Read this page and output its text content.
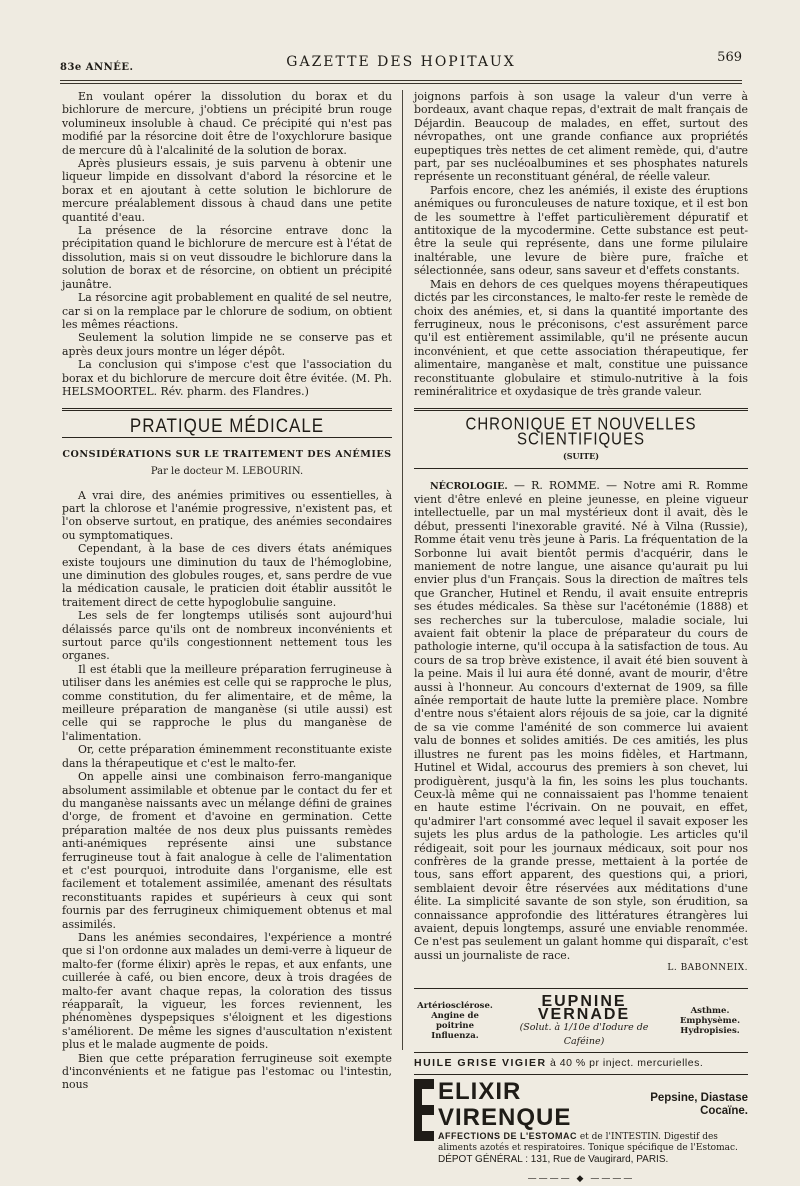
83e ANNÉE.	GAZETTE DES HOPITAUX	569

En voulant opérer la dissolution du borax et du bichlorure de mercure, j'obtiens un précipité brun rouge volumineux insoluble à chaud. Ce précipité qui n'est pas modifié par la résorcine doit être de l'oxychlorure basique de mercure dû à l'alcalinité de la solution de borax.

Après plusieurs essais, je suis parvenu à obtenir une liqueur limpide en dissolvant d'abord la résorcine et le borax et en ajoutant à cette solution le bichlorure de mercure préalablement dissous à chaud dans une petite quantité d'eau.

La présence de la résorcine entrave donc la précipitation quand le bichlorure de mercure est à l'état de dissolution, mais si on veut dissoudre le bichlorure dans la solution de borax et de résorcine, on obtient un précipité jaunâtre.

La résorcine agit probablement en qualité de sel neutre, car si on la remplace par le chlorure de sodium, on obtient les mêmes réactions.

Seulement la solution limpide ne se conserve pas et après deux jours montre un léger dépôt.

La conclusion qui s'impose c'est que l'association du borax et du bichlorure de mercure doit être évitée. (M. Ph. HELSMOORTEL. Rév. pharm. des Flandres.)

PRATIQUE MÉDICALE
CONSIDÉRATIONS SUR LE TRAITEMENT DES ANÉMIES
Par le docteur M. LEBOURIN.

A vrai dire, des anémies primitives ou essentielles, à part la chlorose et l'anémie progressive, n'existent pas, et l'on observe surtout, en pratique, des anémies secondaires ou symptomatiques.

Cependant, à la base de ces divers états anémiques existe toujours une diminution du taux de l'hémoglobine, une diminution des globules rouges, et, sans perdre de vue la médication causale, le praticien doit établir aussitôt le traitement direct de cette hypoglobulie sanguine.

Les sels de fer longtemps utilisés sont aujourd'hui délaissés parce qu'ils ont de nombreux inconvénients et surtout parce qu'ils congestionnent nettement tous les organes.

Il est établi que la meilleure préparation ferrugineuse à utiliser dans les anémies est celle qui se rapproche le plus, comme constitution, du fer alimentaire, et de même, la meilleure préparation de manganèse (si utile aussi) est celle qui se rapproche le plus du manganèse de l'alimentation.

Or, cette préparation éminemment reconstituante existe dans la thérapeutique et c'est le malto-fer.

On appelle ainsi une combinaison ferro-manganique absolument assimilable et obtenue par le contact du fer et du manganèse naissants avec un mélange défini de graines d'orge, de froment et d'avoine en germination. Cette préparation maltée de nos deux plus puissants remèdes anti-anémiques représente ainsi une substance ferrugineuse tout à fait analogue à celle de l'alimentation et c'est pourquoi, introduite dans l'organisme, elle est facilement et totalement assimilée, amenant des résultats reconstituants rapides et supérieurs à ceux qui sont fournis par des ferrugineux chimiquement obtenus et mal assimilés.

Dans les anémies secondaires, l'expérience a montré que si l'on ordonne aux malades un demi-verre à liqueur de malto-fer (forme élixir) après le repas, et aux enfants, une cuillerée à café, ou bien encore, deux à trois dragées de malto-fer avant chaque repas, la coloration des tissus réapparaît, la vigueur, les forces reviennent, les phénomènes dyspepsiques s'éloignent et les digestions s'améliorent. De même les signes d'auscultation n'existent plus et le malade augmente de poids.

Bien que cette préparation ferrugineuse soit exempte d'inconvénients et ne fatigue pas l'estomac ou l'intestin, nous

joignons parfois à son usage la valeur d'un verre à bordeaux, avant chaque repas, d'extrait de malt français de Déjardin. Beaucoup de malades, en effet, surtout des névropathes, ont une grande confiance aux propriétés eupeptiques très nettes de cet aliment remède, qui, d'autre part, par ses nucléoalbumines et ses phosphates naturels représente un reconstituant général, de réelle valeur.

Parfois encore, chez les anémiés, il existe des éruptions anémiques ou furonculeuses de nature toxique, et il est bon de les soumettre à l'effet particulièrement dépuratif et antitoxique de la mycodermine. Cette substance est peut-être la seule qui représente, dans une forme pilulaire inaltérable, une levure de bière pure, fraîche et sélectionnée, sans odeur, sans saveur et d'effets constants.

Mais en dehors de ces quelques moyens thérapeutiques dictés par les circonstances, le malto-fer reste le remède de choix des anémies, et, si dans la quantité importante des ferrugineux, nous le préconisons, c'est assurément parce qu'il est entièrement assimilable, qu'il ne présente aucun inconvénient, et que cette association thérapeutique, fer alimentaire, manganèse et malt, constitue une puissance reconstituante globulaire et stimulo-nutritive à la fois reminéralitrice et oxydasique de très grande valeur.

CHRONIQUE ET NOUVELLES SCIENTIFIQUES
(SUITE)

NÉCROLOGIE. — R. ROMME. — Notre ami R. Romme vient d'être enlevé en pleine jeunesse, en pleine vigueur intellectuelle, par un mal mystérieux dont il avait, dès le début, pressenti l'inexorable gravité. Né à Vilna (Russie), Romme était venu très jeune à Paris. La fréquentation de la Sorbonne lui avait bientôt permis d'acquérir, dans le maniement de notre langue, une aisance qu'aurait pu lui envier plus d'un Français. Sous la direction de maîtres tels que Grancher, Hutinel et Rendu, il avait ensuite entrepris ses études médicales. Sa thèse sur l'acétonémie (1888) et ses recherches sur la tuberculose, maladie sociale, lui avaient fait obtenir la place de préparateur du cours de pathologie interne, qu'il occupa à la satisfaction de tous. Au cours de sa trop brève existence, il avait été bien souvent à la peine. Mais il lui aura été donné, avant de mourir, d'être aussi à l'honneur. Au concours d'externat de 1909, sa fille aînée remportait de haute lutte la première place. Nombre d'entre nous s'étaient alors réjouis de sa joie, car la dignité de sa vie comme l'aménité de son commerce lui avaient valu de bonnes et solides amitiés. De ces amitiés, les plus illustres ne furent pas les moins fidèles, et Hartmann, Hutinel et Widal, accourus des premiers à son chevet, lui prodiguèrent, jusqu'à la fin, les soins les plus touchants. Ceux-là même qui ne connaissaient pas l'homme tenaient en haute estime l'écrivain. On ne pouvait, en effet, qu'admirer l'art consommé avec lequel il savait exposer les sujets les plus ardus de la pathologie. Les articles qu'il rédigeait, soit pour les journaux médicaux, soit pour nos confrères de la grande presse, mettaient à la portée de tous, sans effort apparent, des questions qui, a priori, semblaient devoir être réservées aux méditations d'une élite. La simplicité savante de son style, son érudition, sa connaissance approfondie des littératures étrangères lui avaient, depuis longtemps, assuré une enviable renommée. Ce n'est pas seulement un galant homme qui disparaît, c'est aussi un journaliste de race.

L. BABONNEIX.
Artériosclérose. Angine de poitrine Influenza.
EUPNINE VERNADE
(Solut. à 1/10e d'Iodure de Caféine)
Asthme. Emphysème. Hydropisies.
HUILE GRISE VIGIER à 40 % pr inject. mercurielles.
ELIXIR VIRENQUE
Pepsine, Diastase Cocaïne.
AFFECTIONS DE L'ESTOMAC et de l'INTESTIN. Digestif des
aliments azotés et respiratoires. Tonique spécifique de l'Estomac.
DÉPOT GÉNÉRAL : 131, Rue de Vaugirard, PARIS.
———— ◆ ————
